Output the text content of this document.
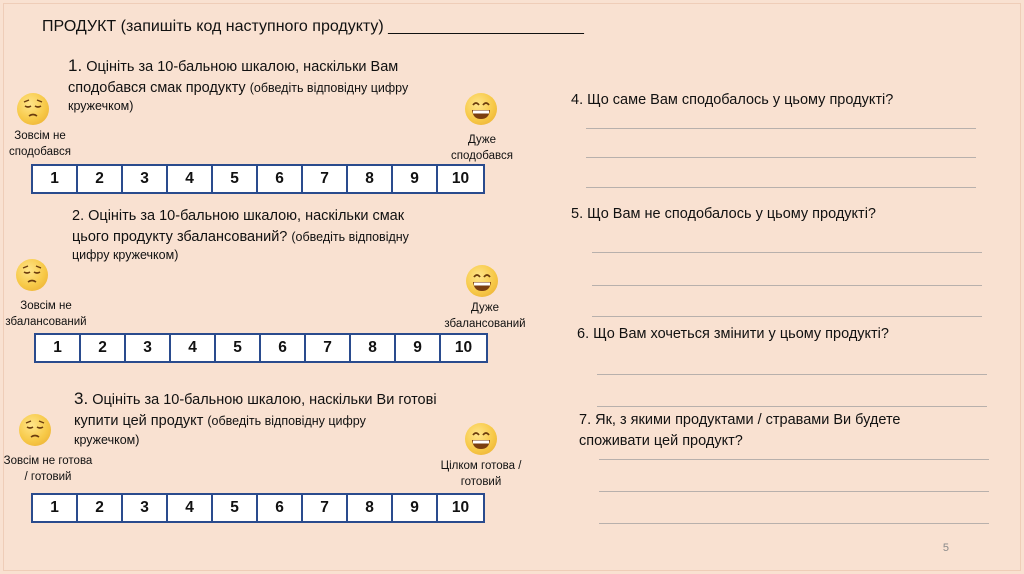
ПРОДУКТ (запишіть код наступного продукту) ______________________
1. Оцініть за 10-бальною шкалою, наскільки Вам
сподобався смак продукту (обведіть відповідну цифру
кружечком)
Зовсім не
сподобався
Дуже
сподобався
1	2	3	4	5	6	7	8	9	10
2. Оцініть за 10-бальною шкалою, наскільки смак
цього продукту збалансований? (обведіть відповідну
цифру кружечком)
Зовсім не
збалансований
Дуже
збалансований
1	2	3	4	5	6	7	8	9	10
3. Оцініть за 10-бальною шкалою, наскільки Ви готові
купити цей продукт (обведіть відповідну цифру
кружечком)
Зовсім не готова
/ готовий
Цілком готова /
готовий
1	2	3	4	5	6	7	8	9	10
4. Що саме Вам сподобалось у цьому продукті?
5. Що Вам не сподобалось у цьому продукті?
6. Що Вам хочеться змінити у цьому продукті?
7. Як, з якими продуктами / стравами Ви будете
споживати цей продукт?
5
